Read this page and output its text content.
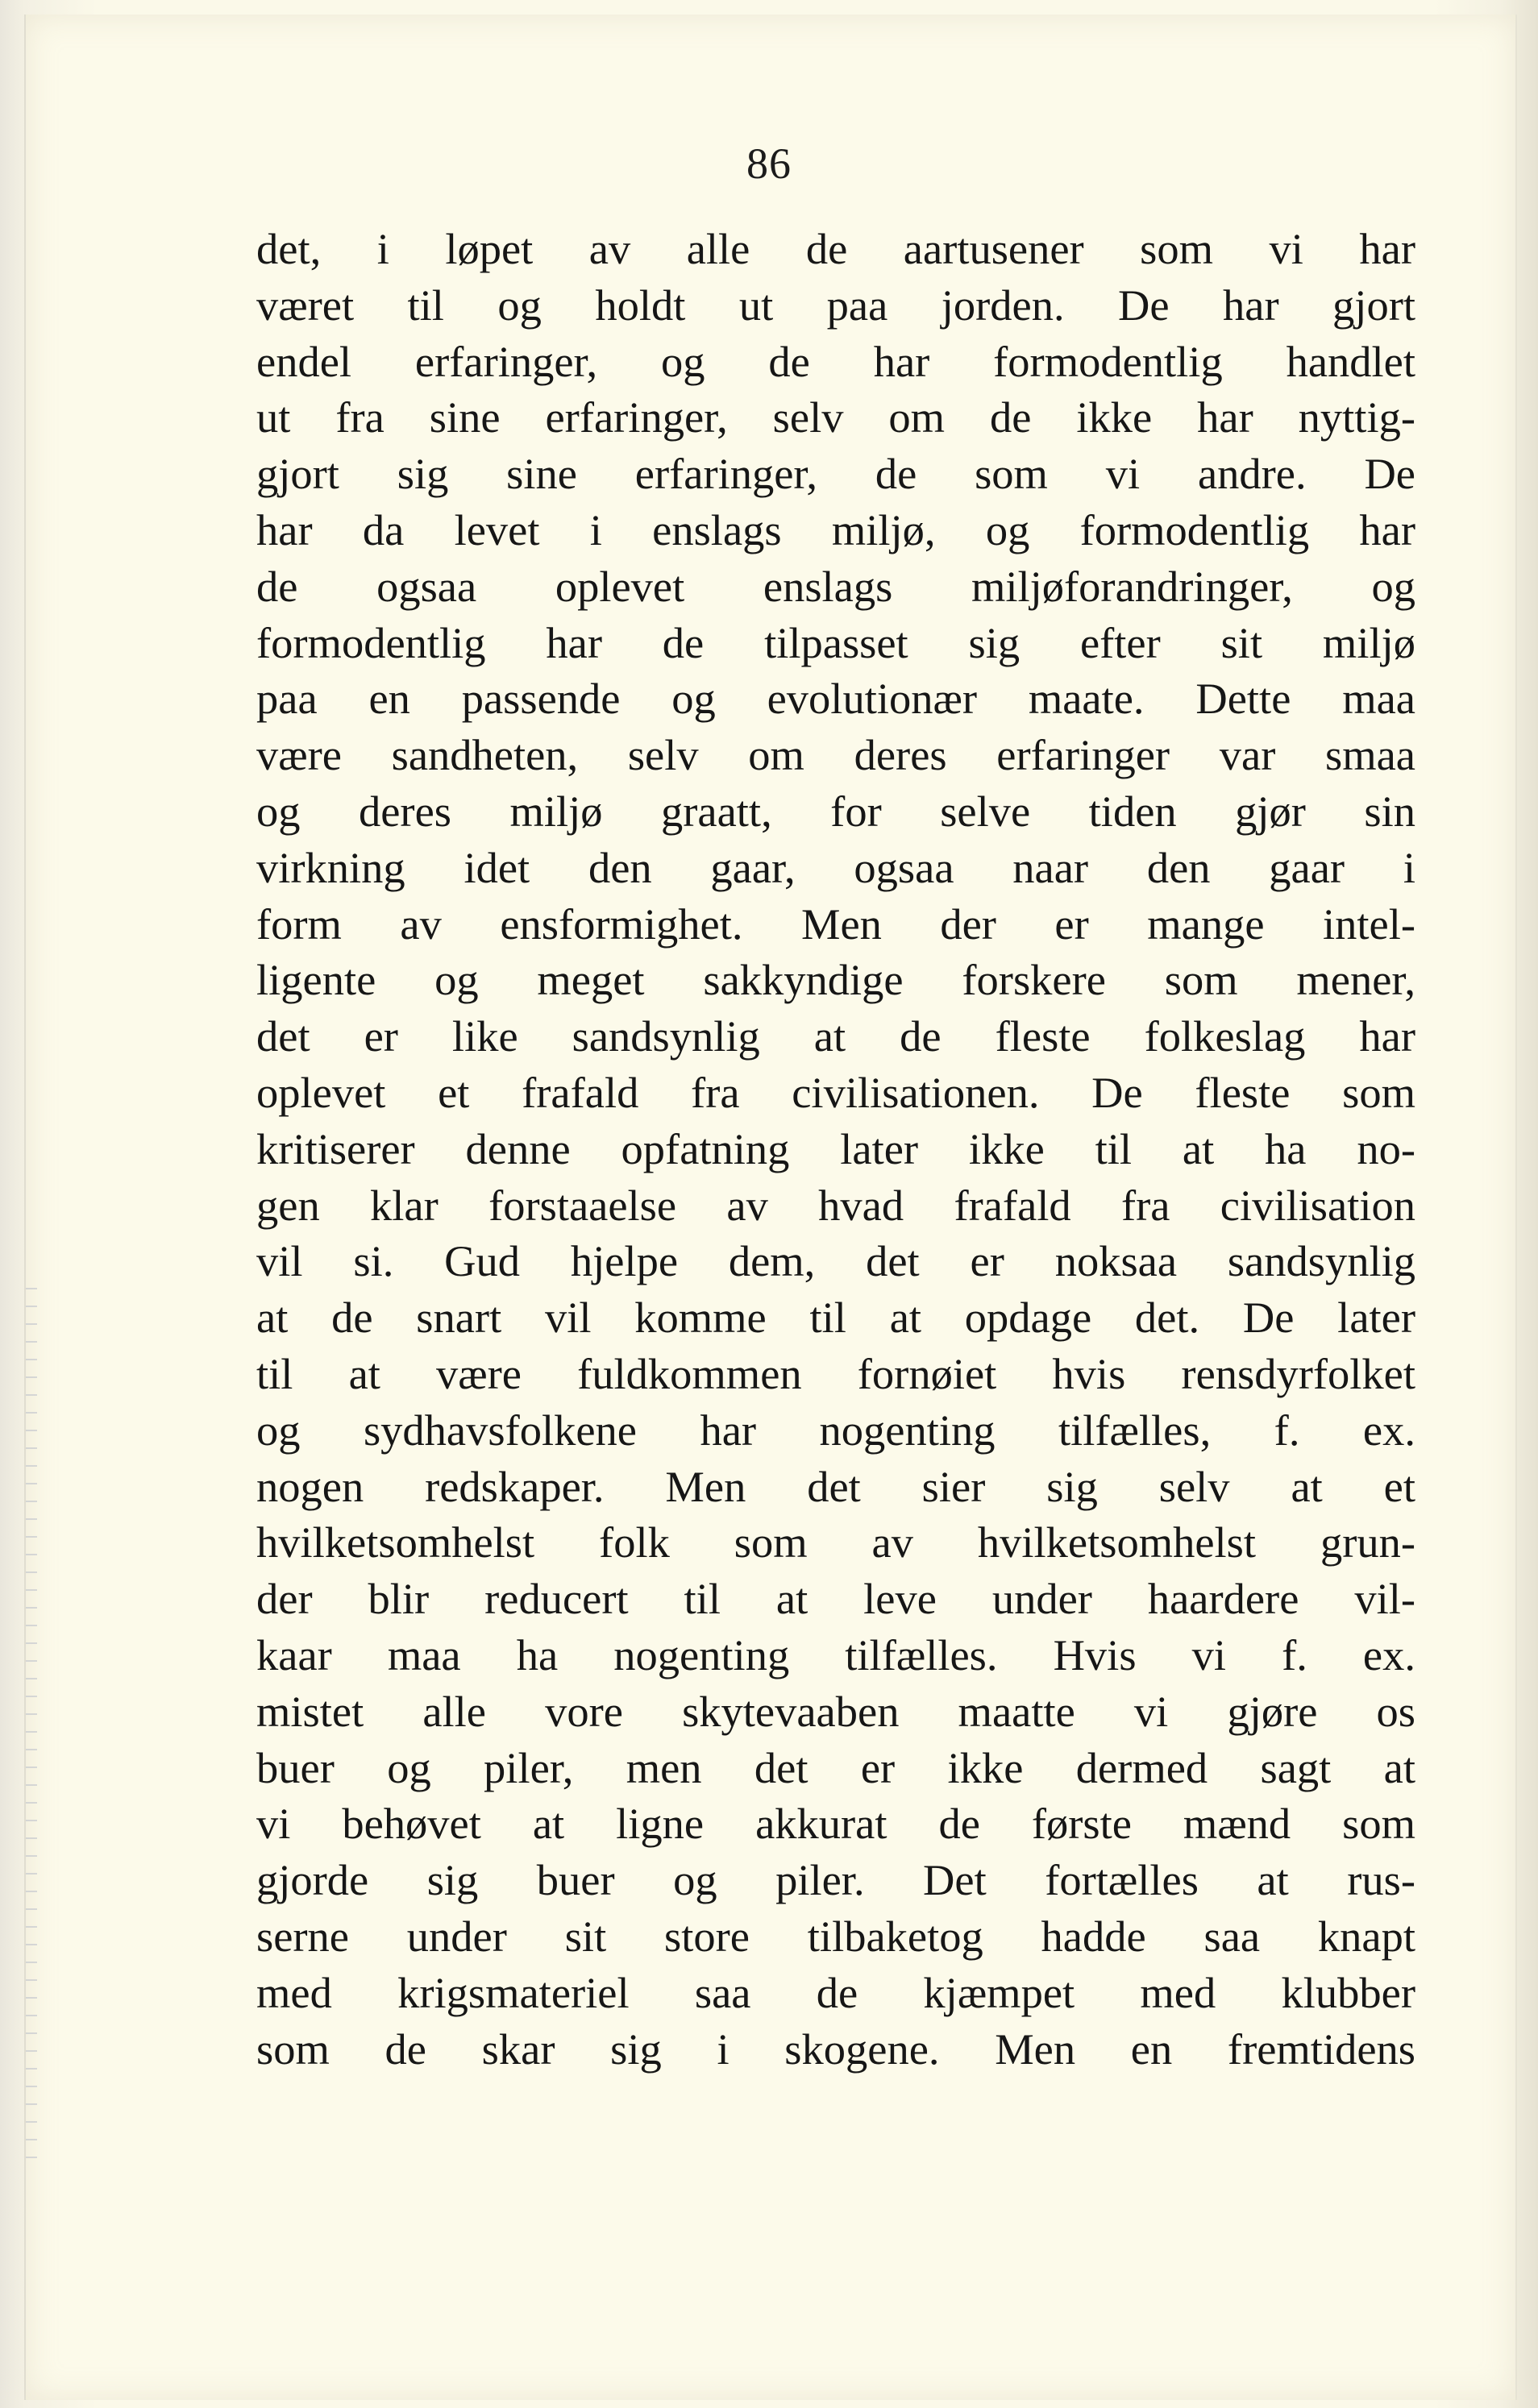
86
det, i løpet av alle de aartusener som vi har
været til og holdt ut paa jorden. De har gjort
endel erfaringer, og de har formodentlig handlet
ut fra sine erfaringer, selv om de ikke har nyttig-
gjort sig sine erfaringer, de som vi andre. De
har da levet i enslags miljø, og formodentlig har
de ogsaa oplevet enslags miljøforandringer, og
formodentlig har de tilpasset sig efter sit miljø
paa en passende og evolutionær maate. Dette maa
være sandheten, selv om deres erfaringer var smaa
og deres miljø graatt, for selve tiden gjør sin
virkning idet den gaar, ogsaa naar den gaar i
form av ensformighet. Men der er mange intel-
ligente og meget sakkyndige forskere som mener,
det er like sandsynlig at de fleste folkeslag har
oplevet et frafald fra civilisationen. De fleste som
kritiserer denne opfatning later ikke til at ha no-
gen klar forstaaelse av hvad frafald fra civilisation
vil si. Gud hjelpe dem, det er noksaa sandsynlig
at de snart vil komme til at opdage det. De later
til at være fuldkommen fornøiet hvis rensdyrfolket
og sydhavsfolkene har nogenting tilfælles, f. ex.
nogen redskaper. Men det sier sig selv at et
hvilketsomhelst folk som av hvilketsomhelst grun-
der blir reducert til at leve under haardere vil-
kaar maa ha nogenting tilfælles. Hvis vi f. ex.
mistet alle vore skytevaaben maatte vi gjøre os
buer og piler, men det er ikke dermed sagt at
vi behøvet at ligne akkurat de første mænd som
gjorde sig buer og piler. Det fortælles at rus-
serne under sit store tilbaketog hadde saa knapt
med krigsmateriel saa de kjæmpet med klubber
som de skar sig i skogene. Men en fremtidens
